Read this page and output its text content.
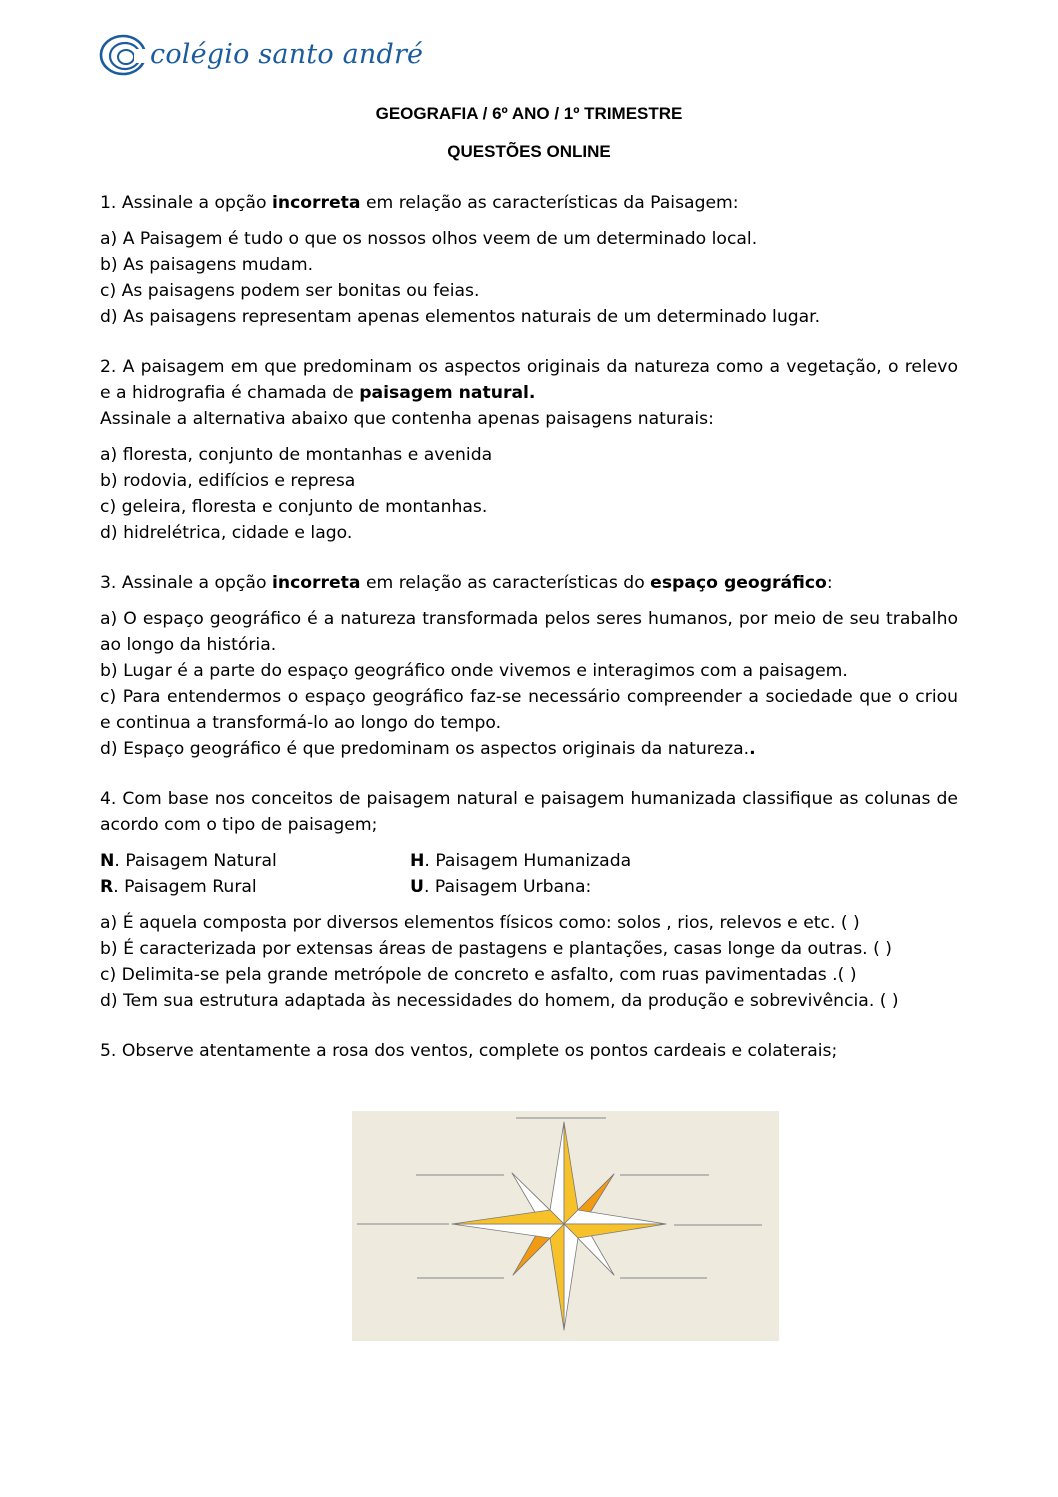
colégio santo andré
GEOGRAFIA / 6º ANO / 1º TRIMESTRE
QUESTÕES ONLINE

1. Assinale a opção incorreta em relação as características da Paisagem:

a) A Paisagem é tudo o que os nossos olhos veem de um determinado local.

b) As paisagens mudam.

c) As paisagens podem ser bonitas ou feias.

d) As paisagens representam apenas elementos naturais de um determinado lugar.

2. A paisagem em que predominam os aspectos originais da natureza como a vegetação, o relevo e a hidrografia é chamada de paisagem natural.

Assinale a alternativa abaixo que contenha apenas paisagens naturais:

a) floresta, conjunto de montanhas e avenida

b) rodovia, edifícios e represa

c) geleira, floresta e conjunto de montanhas.

d) hidrelétrica, cidade e lago.

3. Assinale a opção incorreta em relação as características do espaço geográfico:

a) O espaço geográfico é a natureza transformada pelos seres humanos, por meio de seu trabalho ao longo da história.

b) Lugar é a parte do espaço geográfico onde vivemos e interagimos com a paisagem.

c) Para entendermos o espaço geográfico faz-se necessário compreender a sociedade que o criou e continua a transformá-lo ao longo do tempo.

d) Espaço geográfico é que predominam os aspectos originais da natureza..

4. Com base nos conceitos de paisagem natural e paisagem humanizada classifique as colunas de acordo com o tipo de paisagem;

N. Paisagem Natural	H. Paisagem Humanizada
R. Paisagem Rural	U. Paisagem Urbana:

a) É aquela composta por diversos elementos físicos como: solos , rios, relevos e etc. ( )

b) É caracterizada por extensas áreas de pastagens e plantações, casas longe da outras. ( )

c) Delimita-se pela grande metrópole de concreto e asfalto, com ruas pavimentadas .( )

d) Tem sua estrutura adaptada às necessidades do homem, da produção e sobrevivência. ( )

5. Observe atentamente a rosa dos ventos, complete os pontos cardeais e colaterais;
